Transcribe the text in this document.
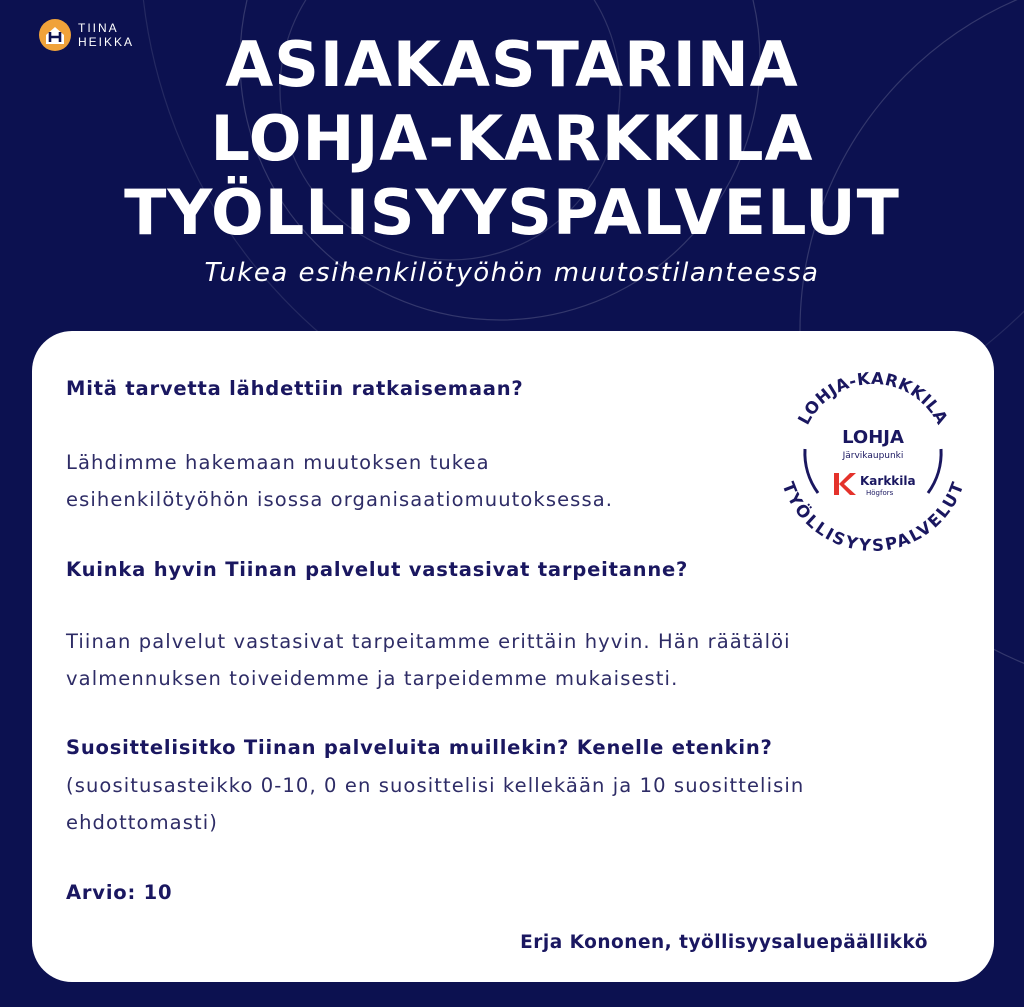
TIINA
HEIKKA	ASIAKASTARINA
LOHJA-KARKKILA
TYÖLLISYYSPALVELUT
Tukea esihenkilötyöhön muutostilanteessa
Mitä tarvetta lähdettiin ratkaisemaan?
Lähdimme hakemaan muutoksen tukea
esihenkilötyöhön isossa organisaatiomuutoksessa.
Kuinka hyvin Tiinan palvelut vastasivat tarpeitanne?
Tiinan palvelut vastasivat tarpeitamme erittäin hyvin. Hän räätälöi
valmennuksen toiveidemme ja tarpeidemme mukaisesti.
Suosittelisitko Tiinan palveluita muillekin? Kenelle etenkin?
(suositusasteikko 0-10, 0 en suosittelisi kellekään ja 10 suosittelisin
ehdottomasti)
Arvio: 10
Erja Kononen, työllisyysaluepäällikkö
LOHJA-KARKKILA
TYÖLLISYYSPALVELUT
LOHJA
Järvikaupunki
Karkkila
Högfors
